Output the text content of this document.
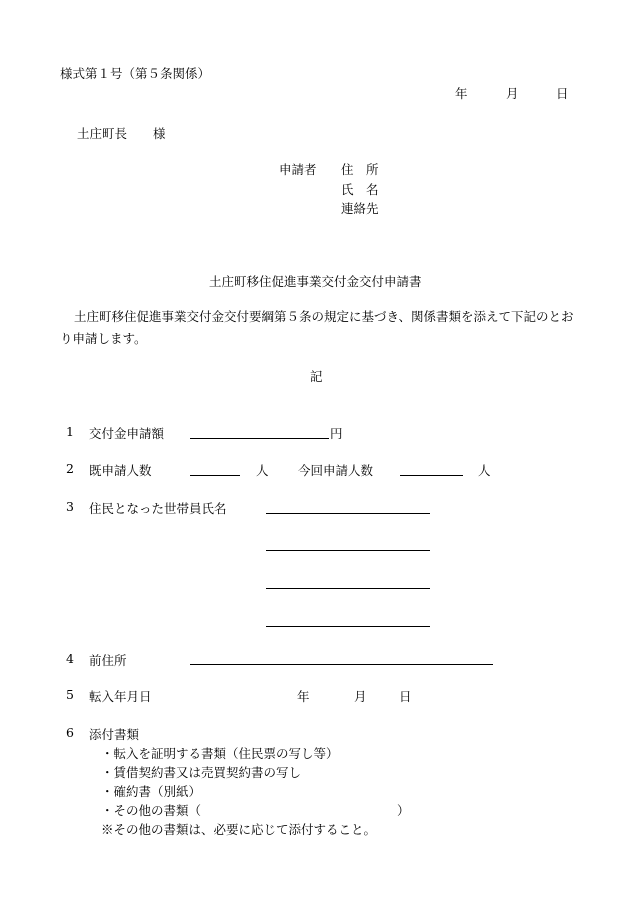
様式第１号（第５条関係）
年	月	日
土庄町長 様
申請者 住　所
氏　名
連絡先
土庄町移住促進事業交付金交付申請書
土庄町移住促進事業交付金交付要綱第５条の規定に基づき、関係書類を添えて下記のとおり申請します。
記
1 交付金申請額	円
2 既申請人数	人 今回申請人数	人
3 住民となった世帯員氏名
4 前住所
5 転入年月日	年	月	日
6 添付書類
・転入を証明する書類（住民票の写し等）
・賃借契約書又は売買契約書の写し
・確約書（別紙）
・その他の書類（	）
※その他の書類は、必要に応じて添付すること。
